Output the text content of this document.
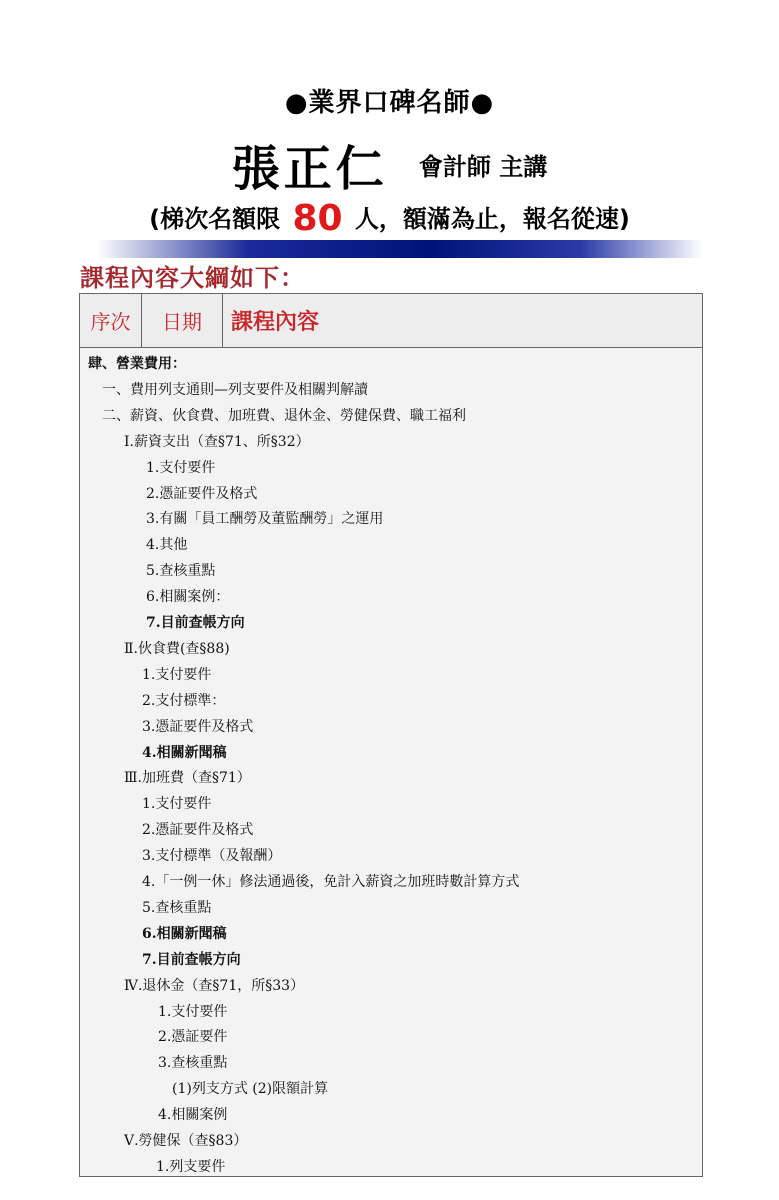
●業界口碑名師●
張正仁 會計師 主講
(梯次名額限 80 人，額滿為止，報名從速)
課程內容大綱如下：
序次	日期	課程內容
肆、營業費用：
一、費用列支通則—列支要件及相關判解讀
二、薪資、伙食費、加班費、退休金、勞健保費、職工福利
Ⅰ.薪資支出（查§71、所§32）
1.支付要件
2.憑証要件及格式
3.有關「員工酬勞及董監酬勞」之運用
4.其他
5.查核重點
6.相關案例：
7.目前查帳方向
Ⅱ.伙食費(查§88)
1.支付要件
2.支付標準：
3.憑証要件及格式
4.相關新聞稿
Ⅲ.加班費（查§71）
1.支付要件
2.憑証要件及格式
3.支付標準（及報酬）
4.「一例一休」修法通過後，免計入薪資之加班時數計算方式
5.查核重點
6.相關新聞稿
7.目前查帳方向
Ⅳ.退休金（查§71，所§33）
1.支付要件
2.憑証要件
3.查核重點
(1)列支方式 (2)限額計算
4.相關案例
Ⅴ.勞健保（查§83）
1.列支要件
